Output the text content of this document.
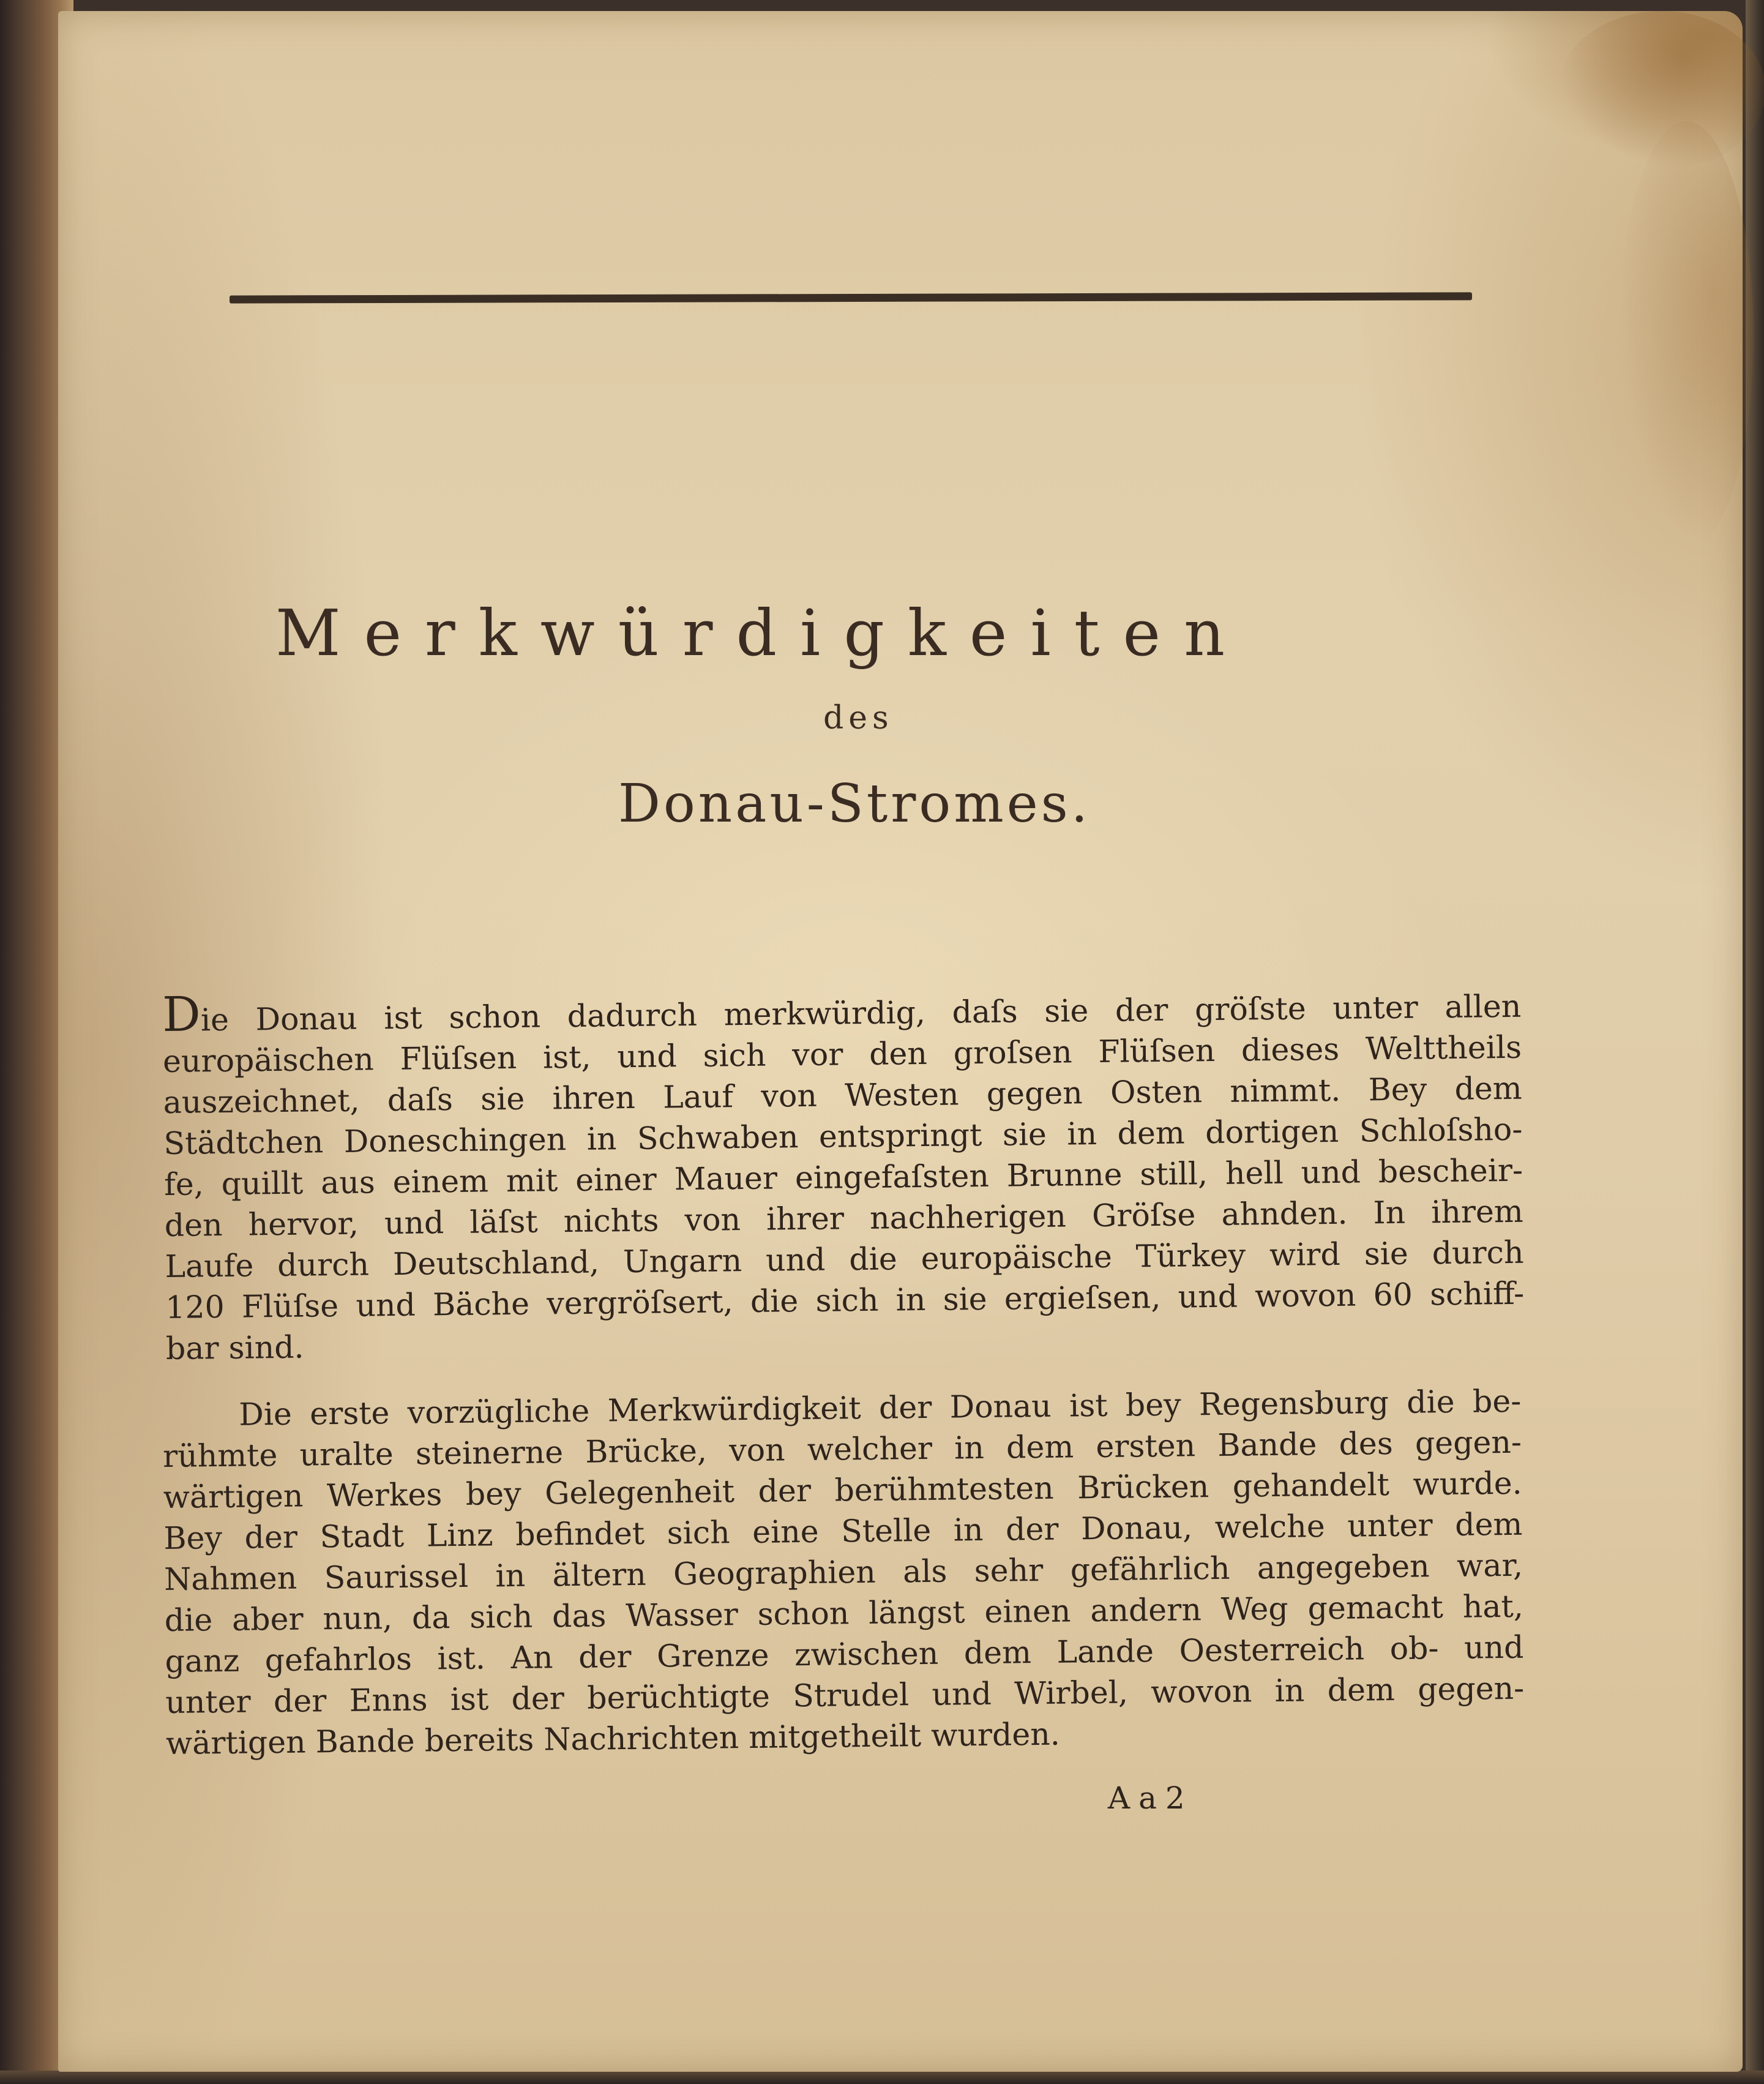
Merkwürdigkeiten
des
Donau-Stromes.
Die Donau ist schon dadurch merkwürdig, daſs sie der gröſste unter allen
europäischen Flüſsen ist, und sich vor den groſsen Flüſsen dieses Welttheils
auszeichnet, daſs sie ihren Lauf von Westen gegen Osten nimmt. Bey dem
Städtchen Doneschingen in Schwaben entspringt sie in dem dortigen Schloſsho-
fe, quillt aus einem mit einer Mauer eingefaſsten Brunne still, hell und bescheir-
den hervor, und läſst nichts von ihrer nachherigen Gröſse ahnden. In ihrem
Laufe durch Deutschland, Ungarn und die europäische Türkey wird sie durch
120 Flüſse und Bäche vergröſsert, die sich in sie ergieſsen, und wovon 60 schiff-
bar sind.
Die erste vorzügliche Merkwürdigkeit der Donau ist bey Regensburg die be-
rühmte uralte steinerne Brücke, von welcher in dem ersten Bande des gegen-
wärtigen Werkes bey Gelegenheit der berühmtesten Brücken gehandelt wurde.
Bey der Stadt Linz befindet sich eine Stelle in der Donau, welche unter dem
Nahmen Saurissel in ältern Geographien als sehr gefährlich angegeben war,
die aber nun, da sich das Wasser schon längst einen andern Weg gemacht hat,
ganz gefahrlos ist. An der Grenze zwischen dem Lande Oesterreich ob- und
unter der Enns ist der berüchtigte Strudel und Wirbel, wovon in dem gegen-
wärtigen Bande bereits Nachrichten mitgetheilt wurden.
Aa2
